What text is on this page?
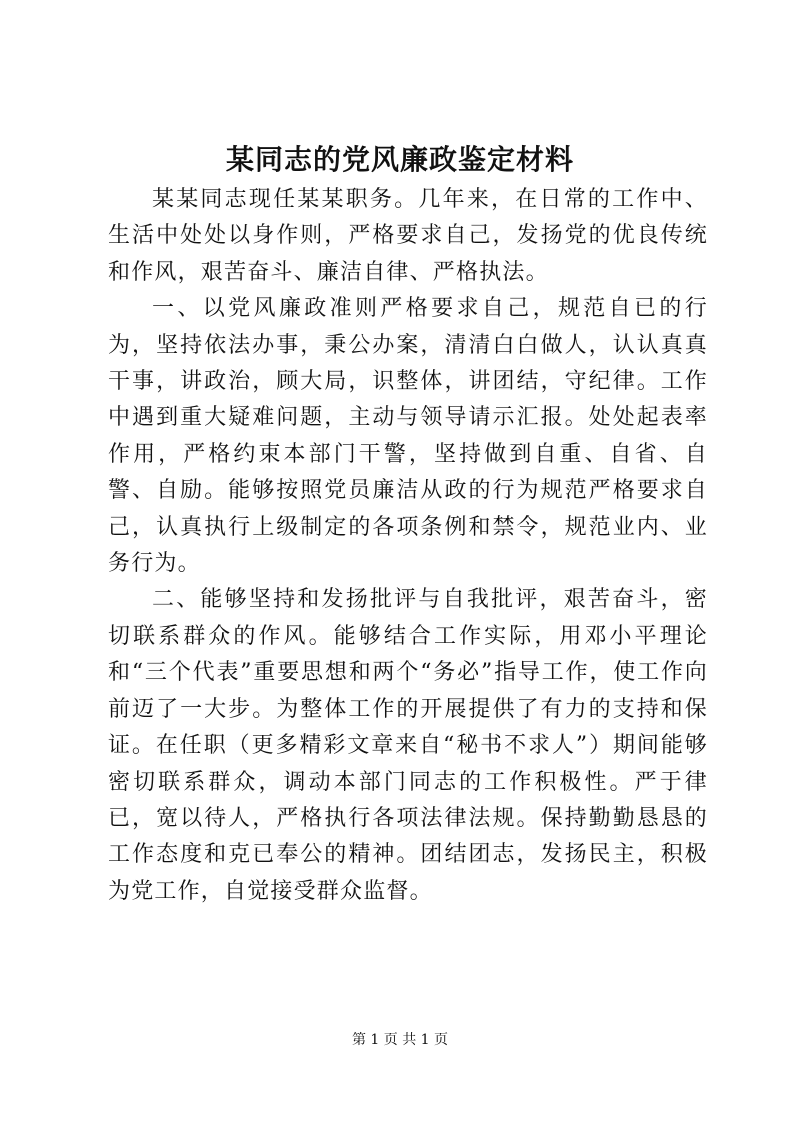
某同志的党风廉政鉴定材料

某某同志现任某某职务。几年来，在日常的工作中、生活中处处以身作则，严格要求自己，发扬党的优良传统和作风，艰苦奋斗、廉洁自律、严格执法。

一、以党风廉政准则严格要求自己，规范自已的行为，坚持依法办事，秉公办案，清清白白做人，认认真真干事，讲政治，顾大局，识整体，讲团结，守纪律。工作中遇到重大疑难问题，主动与领导请示汇报。处处起表率作用，严格约束本部门干警，坚持做到自重、自省、自警、自励。能够按照党员廉洁从政的行为规范严格要求自己，认真执行上级制定的各项条例和禁令，规范业内、业务行为。

二、能够坚持和发扬批评与自我批评，艰苦奋斗，密切联系群众的作风。能够结合工作实际，用邓小平理论和“三个代表”重要思想和两个“务必”指导工作，使工作向前迈了一大步。为整体工作的开展提供了有力的支持和保证。在任职（更多精彩文章来自“秘书不求人”）期间能够密切联系群众，调动本部门同志的工作积极性。严于律已，宽以待人，严格执行各项法律法规。保持勤勤恳恳的工作态度和克已奉公的精神。团结团志，发扬民主，积极为党工作，自觉接受群众监督。

第 1 页 共 1 页
